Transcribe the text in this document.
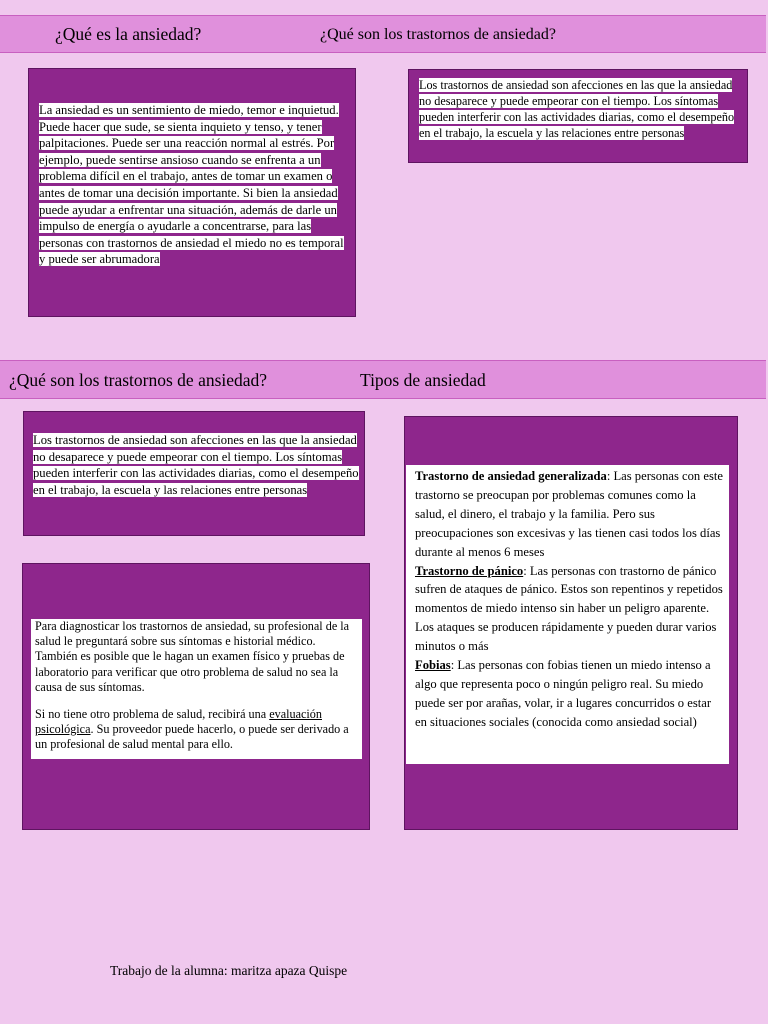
¿Qué es la ansiedad?	¿Qué son los trastornos de ansiedad?
La ansiedad es un sentimiento de miedo, temor e inquietud. Puede hacer que sude, se sienta inquieto y tenso, y tener palpitaciones. Puede ser una reacción normal al estrés. Por ejemplo, puede sentirse ansioso cuando se enfrenta a un problema difícil en el trabajo, antes de tomar un examen o antes de tomar una decisión importante. Si bien la ansiedad puede ayudar a enfrentar una situación, además de darle un impulso de energía o ayudarle a concentrarse, para las personas con trastornos de ansiedad el miedo no es temporal y puede ser abrumadora
Los trastornos de ansiedad son afecciones en las que la ansiedad no desaparece y puede empeorar con el tiempo. Los síntomas pueden interferir con las actividades diarias, como el desempeño en el trabajo, la escuela y las relaciones entre personas
¿Qué son los trastornos de ansiedad?	Tipos de ansiedad
Los trastornos de ansiedad son afecciones en las que la ansiedad no desaparece y puede empeorar con el tiempo. Los síntomas pueden interferir con las actividades diarias, como el desempeño en el trabajo, la escuela y las relaciones entre personas

Para diagnosticar los trastornos de ansiedad, su profesional de la salud le preguntará sobre sus síntomas e historial médico. También es posible que le hagan un examen físico y pruebas de laboratorio para verificar que otro problema de salud no sea la causa de sus síntomas.

Si no tiene otro problema de salud, recibirá una evaluación psicológica. Su proveedor puede hacerlo, o puede ser derivado a un profesional de salud mental para ello.

Trastorno de ansiedad generalizada: Las personas con este trastorno se preocupan por problemas comunes como la salud, el dinero, el trabajo y la familia. Pero sus preocupaciones son excesivas y las tienen casi todos los días durante al menos 6 meses
Trastorno de pánico: Las personas con trastorno de pánico sufren de ataques de pánico. Estos son repentinos y repetidos momentos de miedo intenso sin haber un peligro aparente. Los ataques se producen rápidamente y pueden durar varios minutos o más
Fobias: Las personas con fobias tienen un miedo intenso a algo que representa poco o ningún peligro real. Su miedo puede ser por arañas, volar, ir a lugares concurridos o estar en situaciones sociales (conocida como ansiedad social)
Trabajo de la alumna: maritza apaza Quispe
